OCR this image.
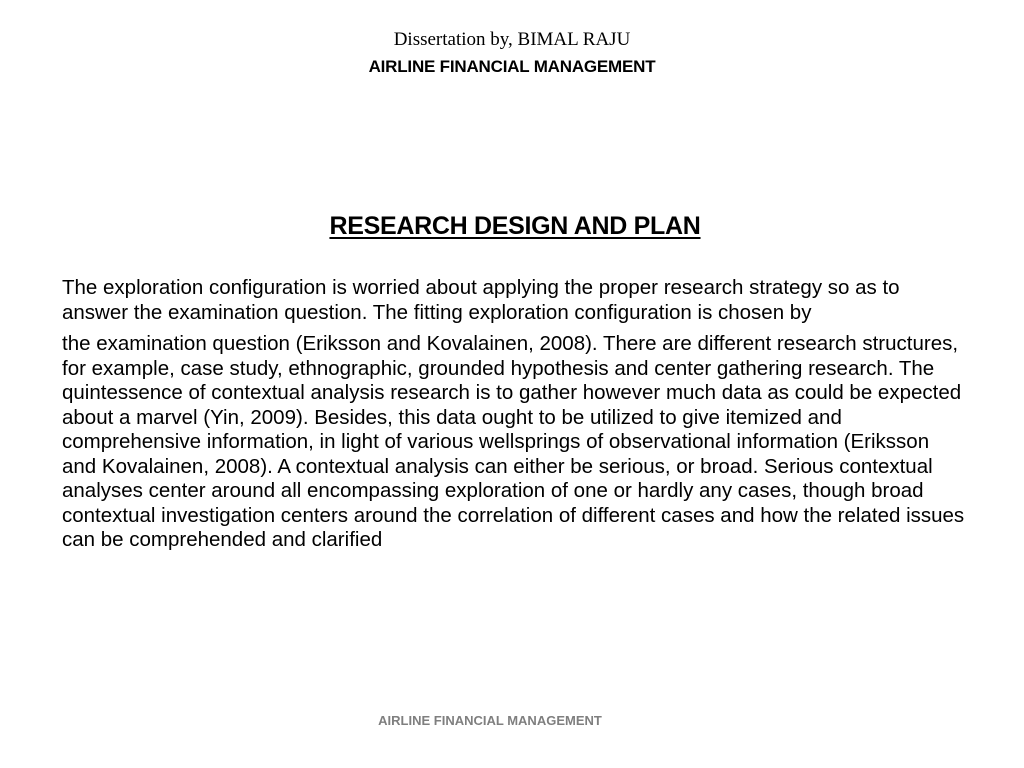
Dissertation by, BIMAL RAJU
AIRLINE FINANCIAL MANAGEMENT
RESEARCH DESIGN AND PLAN

The exploration configuration is worried about applying the proper research strategy so as to answer the examination question. The fitting exploration configuration is chosen by

the examination question (Eriksson and Kovalainen, 2008). There are different research structures, for example, case study, ethnographic, grounded hypothesis and center gathering research. The quintessence of contextual analysis research is to gather however much data as could be expected about a marvel (Yin, 2009). Besides, this data ought to be utilized to give itemized and comprehensive information, in light of various wellsprings of observational information (Eriksson and Kovalainen, 2008). A contextual analysis can either be serious, or broad. Serious contextual analyses center around all encompassing exploration of one or hardly any cases, though broad contextual investigation centers around the correlation of different cases and how the related issues can be comprehended and clarified

AIRLINE FINANCIAL MANAGEMENT
